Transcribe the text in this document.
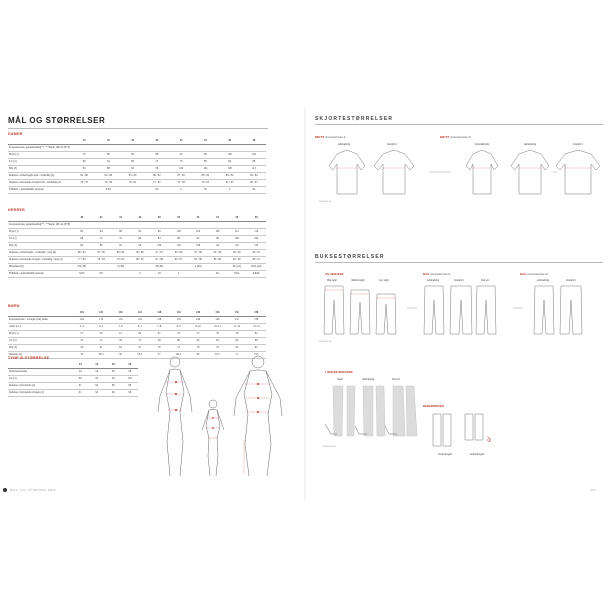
MÅL OG STØRRELSER
DAMER
	34	36	38	40	42	44	46	48
Kropsstørrelse, gennemsnitlig** / **højde 168 cm (F75)								
Bryst (1)	76	80	84	88	92	96	100	104
Liv (2)	60	64	68	72	76	80	84	88
Hip (3)	84	88	92	96	100	104	108	112
Indernes, ærmelængde lom / ærmedlig (4)	82 / 80	84 / 80	85 / 80	86 / 82	87 / 82	88 / 82	89 / 84	90 / 84
Indernes, tilsvarende længde lom / ærmedlig (4)	76 / 79	76 / 80	78 / 81	77 / 82	79 / 83	79 / 83	81 / 85	82 / 87
Fällthöst / Anmeldsmål størrelse		XXS		XS	S	M	L	XL
HERRER
	40	42	44	46	48	50	52	54	56	58
Kropsstørrelse, gennemsnitlig** / **højde 180 cm (F78)										
Bryst (1)	80	84	88	92	96	100	104	108	112	116
Liv (2)	68	72	76	80	84	88	92	96	100	104
Hip (3)	84	88	92	96	100	104	108	112	116	120
Indernes, ærmelængde / ærmedlig / lang (4)	86 / 84	87 / 85	88 / 86	90 / 86	91 / 87	92 / 88	93 / 89	94 / 89	95 / 90	96 / 91
Indernes, tilsvarende længde / ærmedlig / lang (4)	77 / 82	78 / 83	79 / 83	80 / 85	81 / 86	82 / 87	83 / 88	84 / 89	85 / 90	86 / 91
Hörndend (6)	XS (38)		S (38)		M (39)		L (40)		XL (41)	XXL (42)
Fällthöst / Anmeldsmål størrelse	XXS	XS		S	M	L		XL	XXL	XXXL
BØRN
	104	110	116	122	128	134	140	146	152	158
Kropsstørrelse / Længde (cm) Alder	104	110	116	122	128	134	140	146	152	158
Alder (ca.)	3–4	4–5	5–6	6–7	7–8	8–9	9–10	10–11	11–12	12–13
Bryst (1)	57	59	61	64	67	70	73	76	79	82
Liv (2)	54	55	56	57	58	60	62	64	66	68
Hip (3)	59	61	64	67	70	73	76	79	82	85
Indernes (4)	43	46,5	50	53,5	57	60,5	64	67,5	71	74,5
TYNE Ø-STØRRELSE
	S4	S6	S6	S8
Størrelsesbredde	S4	S6	S6	S8
Liv (2)	90	92	94	102
Indernes, tilsvarende (4)	91	94	96	98
Indernes, tilsvarende længde (4)	91	94	96	96
MÅL OG STØRRELSER
SKJORTESTØRRELSER
BRYST Armestørrelse S	BRYST Armestørrelse M
Almindelig	Komfort	Tætsiddende	Almindelig	Komfort
XS S M L XL
BUKSESTØRRELSER
TALJEBUKSE	BAG Armestørrelse S	BAG Armestørrelse M
Høj talje	Mellemtalje	Lav talje	Almindelig	Komfort	Korset	Almindelig	Komfort
XS S M L XL
LÆNGDE BENVIDDE
Smal	Almindelig	Korset
XS S M L XL
BENÅBNINGER
Fuld længde	Ankellængde
85
